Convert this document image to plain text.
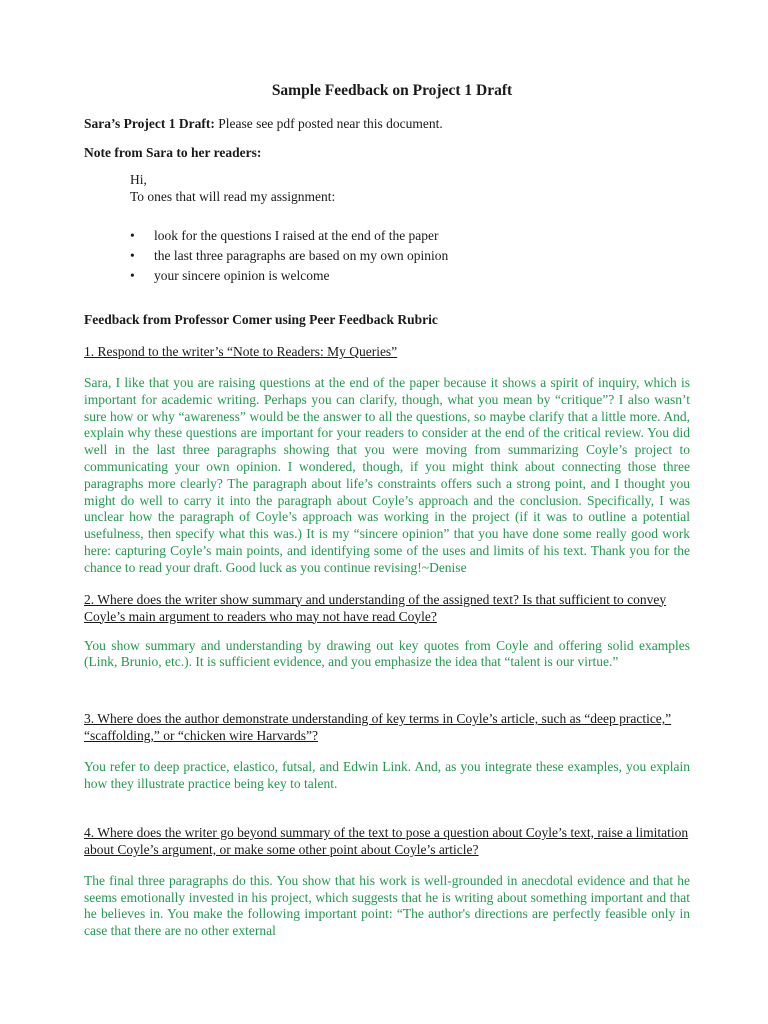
Sample Feedback on Project 1 Draft
Sara’s Project 1 Draft: Please see pdf posted near this document.
Note from Sara to her readers:
Hi,
To ones that will read my assignment:
• look for the questions I raised at the end of the paper
• the last three paragraphs are based on my own opinion
• your sincere opinion is welcome
Feedback from Professor Comer using Peer Feedback Rubric
1. Respond to the writer’s “Note to Readers: My Queries”
Sara, I like that you are raising questions at the end of the paper because it shows a spirit of inquiry, which is important for academic writing. Perhaps you can clarify, though, what you mean by “critique”? I also wasn’t sure how or why “awareness” would be the answer to all the questions, so maybe clarify that a little more. And, explain why these questions are important for your readers to consider at the end of the critical review. You did well in the last three paragraphs showing that you were moving from summarizing Coyle’s project to communicating your own opinion. I wondered, though, if you might think about connecting those three paragraphs more clearly? The paragraph about life’s constraints offers such a strong point, and I thought you might do well to carry it into the paragraph about Coyle’s approach and the conclusion. Specifically, I was unclear how the paragraph of Coyle’s approach was working in the project (if it was to outline a potential usefulness, then specify what this was.) It is my “sincere opinion” that you have done some really good work here: capturing Coyle’s main points, and identifying some of the uses and limits of his text. Thank you for the chance to read your draft. Good luck as you continue revising!~Denise
2. Where does the writer show summary and understanding of the assigned text? Is that sufficient to convey Coyle’s main argument to readers who may not have read Coyle?
You show summary and understanding by drawing out key quotes from Coyle and offering solid examples (Link, Brunio, etc.). It is sufficient evidence, and you emphasize the idea that “talent is our virtue.”
3. Where does the author demonstrate understanding of key terms in Coyle’s article, such as “deep practice,” “scaffolding,” or “chicken wire Harvards”?
You refer to deep practice, elastico, futsal, and Edwin Link. And, as you integrate these examples, you explain how they illustrate practice being key to talent.
4. Where does the writer go beyond summary of the text to pose a question about Coyle’s text, raise a limitation about Coyle’s argument, or make some other point about Coyle’s article?
The final three paragraphs do this. You show that his work is well-grounded in anecdotal evidence and that he seems emotionally invested in his project, which suggests that he is writing about something important and that he believes in. You make the following important point: “The author's directions are perfectly feasible only in case that there are no other external
